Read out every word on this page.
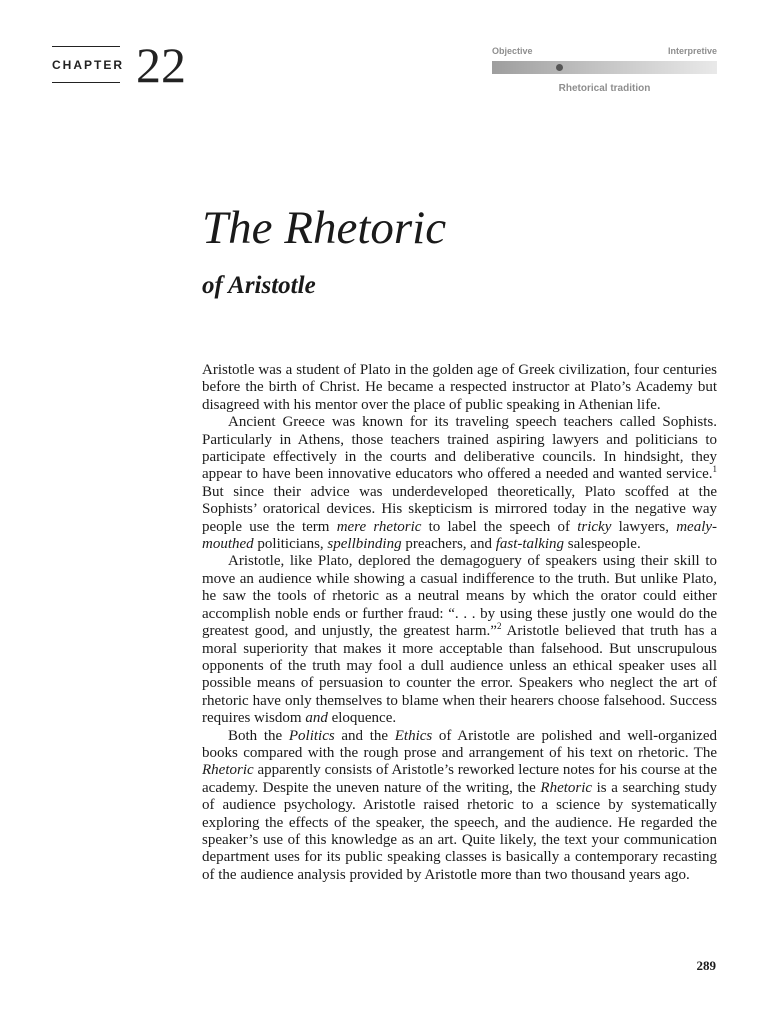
CHAPTER 22	Objective	Interpretive
Rhetorical tradition
The Rhetoric
of Aristotle

Aristotle was a student of Plato in the golden age of Greek civilization, four centuries before the birth of Christ. He became a respected instructor at Plato’s Academy but disagreed with his mentor over the place of public speaking in Athenian life.

Ancient Greece was known for its traveling speech teachers called Sophists. Particularly in Athens, those teachers trained aspiring lawyers and politicians to participate effectively in the courts and deliberative councils. In hindsight, they appear to have been innovative educators who offered a needed and wanted service.$^1$ But since their advice was underdeveloped theoretically, Plato scoffed at the Sophists’ oratorical devices. His skepticism is mirrored today in the negative way people use the term mere rhetoric to label the speech of tricky lawyers, mealy-mouthed politicians, spellbinding preachers, and fast-talking salespeople.

Aristotle, like Plato, deplored the demagoguery of speakers using their skill to move an audience while showing a casual indifference to the truth. But unlike Plato, he saw the tools of rhetoric as a neutral means by which the orator could either accomplish noble ends or further fraud: “. . . by using these justly one would do the greatest good, and unjustly, the greatest harm.”$^2$ Aristotle believed that truth has a moral superiority that makes it more acceptable than falsehood. But unscrupulous opponents of the truth may fool a dull audience unless an ethical speaker uses all possible means of persuasion to counter the error. Speakers who neglect the art of rhetoric have only themselves to blame when their hearers choose falsehood. Success requires wisdom and eloquence.

Both the Politics and the Ethics of Aristotle are polished and well-organized books compared with the rough prose and arrangement of his text on rhetoric. The Rhetoric apparently consists of Aristotle’s reworked lecture notes for his course at the academy. Despite the uneven nature of the writing, the Rhetoric is a searching study of audience psychology. Aristotle raised rhetoric to a science by systematically exploring the effects of the speaker, the speech, and the audience. He regarded the speaker’s use of this knowledge as an art. Quite likely, the text your communication department uses for its public speaking classes is basically a contemporary recasting of the audience analysis provided by Aristotle more than two thousand years ago.

289
